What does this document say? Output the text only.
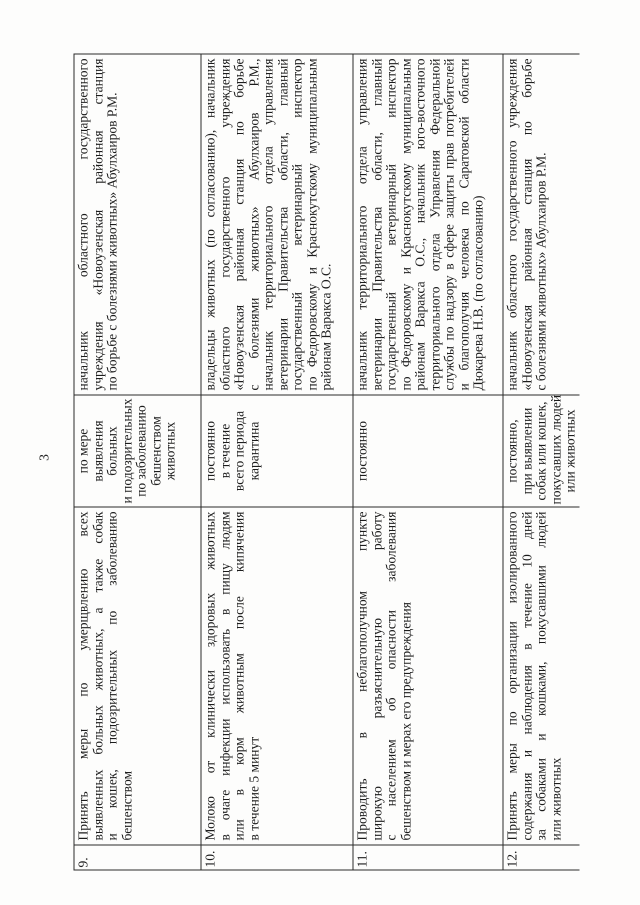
3
9.
Принять меры по умерщвлению всех выявленных больных животных, а также собак и кошек, подозрительных по заболеванию бешенством
по мере выявления больных и подозрительных по заболеванию бешенством животных
начальник областного государственного учреждения «Новоузенская районная станция по борьбе с болезнями животных» Абулхаиров Р.М.
10.
Молоко от клинически здоровых животных в очаге инфекции использовать в пищу людям или в корм животным после кипячения в течение 5 минут
постоянно в течение всего периода карантина
владельцы животных (по согласованию), начальник областного государственного учреждения «Новоузенская районная станция по борьбе с болезнями животных» Абулхаиров Р.М., начальник территориального отдела управления ветеринарии Правительства области, главный государственный ветеринарный инспектор по Федоровскому и Краснокутскому муниципальным районам Варакса О.С.
11.
Проводить в неблагополучном пункте широкую разъяснительную работу с населением об опасности заболевания бешенством и мерах его предупреждения
постоянно
начальник территориального отдела управления ветеринарии Правительства области, главный государственный ветеринарный инспектор по Федоровскому и Краснокутскому муниципальным районам Варакса О.С., начальник юго-восточного территориального отдела Управления Федеральной службы по надзору в сфере защиты прав потребителей и благополучия человека по Саратовской области Дюкарева Н.В. (по согласованию)
12.
Принять меры по организации изолированного содержания и наблюдения в течение 10 дней за собаками и кошками, покусавшими людей или животных
постоянно, при выявлении собак или кошек, покусавших людей или животных
начальник областного государственного учреждения «Новоузенская районная станция по борьбе с болезнями животных» Абулхаиров Р.М.
